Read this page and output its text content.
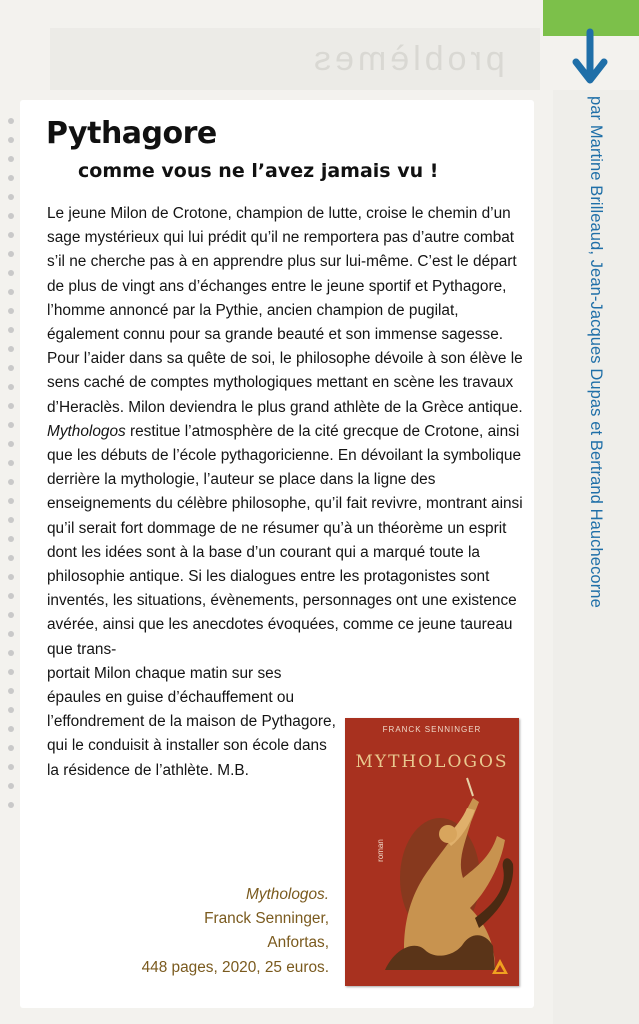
problèmes
Pythagore
comme vous ne l’avez jamais vu !

Le jeune Milon de Crotone, champion de lutte, croise le chemin d’un sage mystérieux qui lui prédit qu’il ne remportera pas d’autre combat s’il ne cherche pas à en apprendre plus sur lui-même. C’est le départ de plus de vingt ans d’échanges entre le jeune sportif et Pythagore, l’homme annoncé par la Pythie, ancien champion de pugilat, également connu pour sa grande beauté et son immense sagesse. Pour l’aider dans sa quête de soi, le philosophe dévoile à son élève le sens caché de comptes mythologiques mettant en scène les travaux d’Heraclès. Milon deviendra le plus grand athlète de la Grèce antique.

Mythologos restitue l’atmosphère de la cité grecque de Crotone, ainsi que les débuts de l’école pythagoricienne. En dévoilant la symbolique derrière la mythologie, l’auteur se place dans la ligne des enseignements du célèbre philosophe, qu’il fait revivre, montrant ainsi qu’il serait fort dommage de ne résumer qu’à un théorème un esprit dont les idées sont à la base d’un courant qui a marqué toute la philosophie antique. Si les dialogues entre les protagonistes sont inventés, les situations, évènements, personnages ont une existence avérée, ainsi que les anecdotes évoquées, comme ce jeune taureau que trans-

portait Milon chaque matin sur ses épaules en guise d’échauffement ou l’effondrement de la maison de Pythagore, qui le conduisit à installer son école dans la résidence de l’athlète. M.B.

Mythologos.
Franck Senninger,
Anfortas,
448 pages, 2020, 25 euros.
FRANCK SENNINGER
MYTHOLOGOS
roman
par Martine Brilleaud, Jean-Jacques Dupas et Bertrand Hauchecorne
